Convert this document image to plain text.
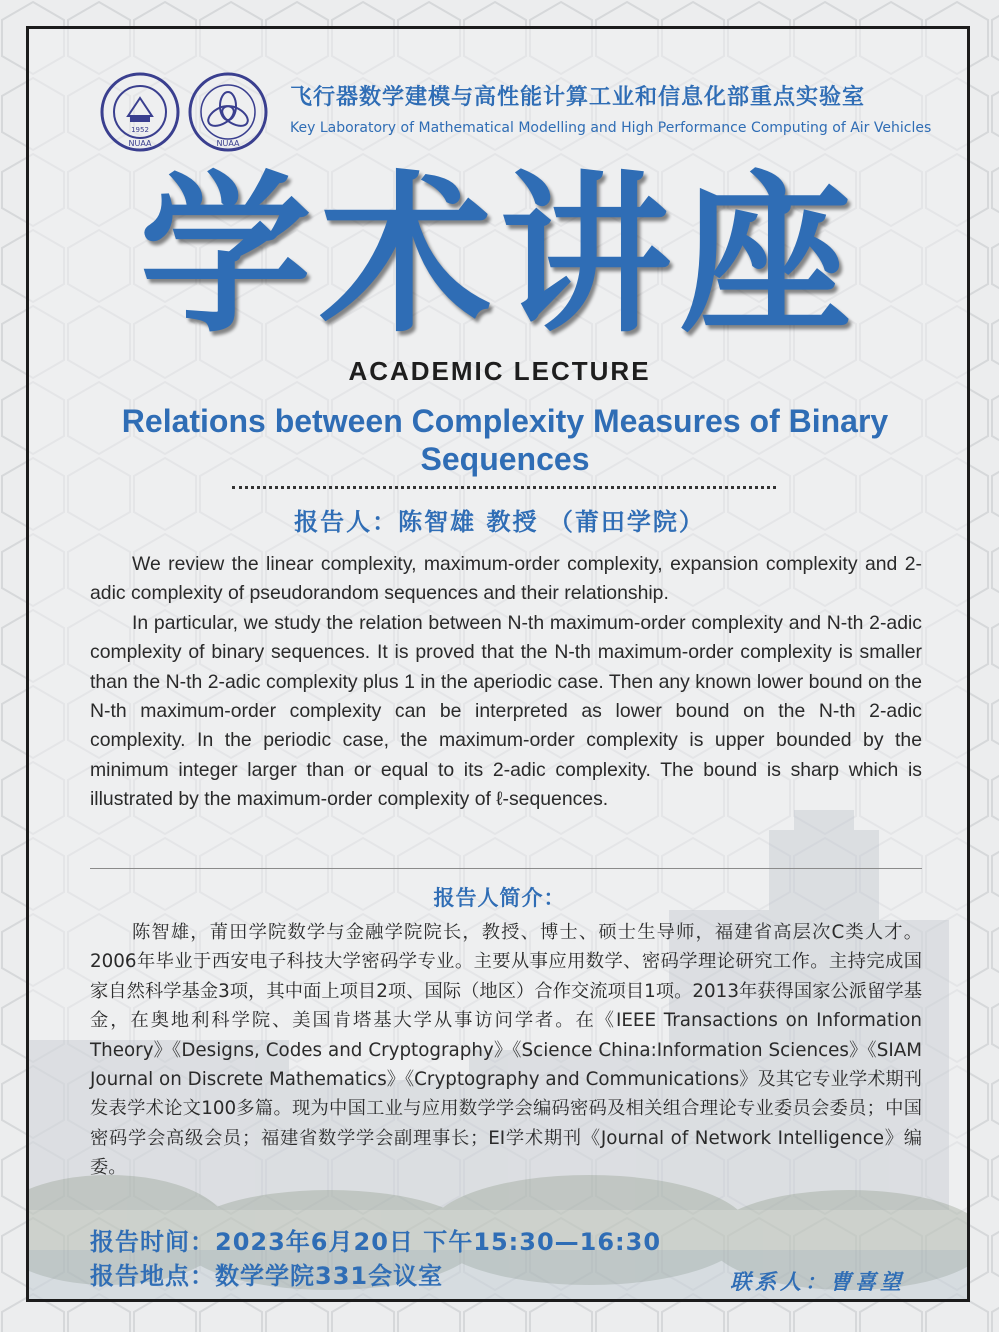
1952
NUAA	NUAA
飞行器数学建模与高性能计算工业和信息化部重点实验室
Key Laboratory of Mathematical Modelling and High Performance Computing of Air Vehicles
学术讲座
ACADEMIC LECTURE
Relations between Complexity Measures of Binary Sequences
报告人：陈智雄 教授 （莆田学院）

We review the linear complexity, maximum-order complexity, expansion complexity and 2-adic complexity of pseudorandom sequences and their relationship.

In particular, we study the relation between N-th maximum-order complexity and N-th 2-adic complexity of binary sequences. It is proved that the N-th maximum-order complexity is smaller than the N-th 2-adic complexity plus 1 in the aperiodic case. Then any known lower bound on the N-th maximum-order complexity can be interpreted as lower bound on the N-th 2-adic complexity. In the periodic case, the maximum-order complexity is upper bounded by the minimum integer larger than or equal to its 2-adic complexity. The bound is sharp which is illustrated by the maximum-order complexity of ℓ-sequences.

报告人简介：
陈智雄，莆田学院数学与金融学院院长，教授、博士、硕士生导师，福建省高层次C类人才。2006年毕业于西安电子科技大学密码学专业。主要从事应用数学、密码学理论研究工作。主持完成国家自然科学基金3项，其中面上项目2项、国际（地区）合作交流项目1项。2013年获得国家公派留学基金，在奥地利科学院、美国肯塔基大学从事访问学者。在《IEEE Transactions on Information Theory》《Designs, Codes and Cryptography》《Science China:Information Sciences》《SIAM Journal on Discrete Mathematics》《Cryptography and Communications》及其它专业学术期刊发表学术论文100多篇。现为中国工业与应用数学学会编码密码及相关组合理论专业委员会委员；中国密码学会高级会员；福建省数学学会副理事长；EI学术期刊《Journal of Network Intelligence》编委。
报告时间：2023年6月20日 下午15:30—16:30
报告地点：数学学院331会议室	联系人：曹喜望
